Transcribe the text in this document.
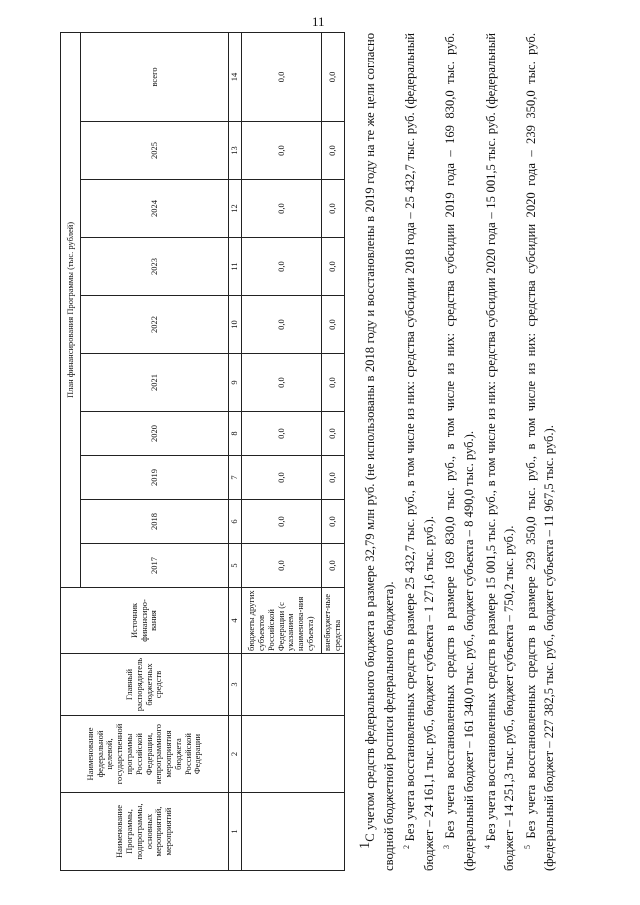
11
Наименование Программы, подпрограммы, основных мероприятий, мероприятий	Наименование федеральной целевой, государственной программы Российской Федерации, непрограммного мероприятия бюджета Российской Федерации	Главный распорядитель бюджетных средств	Источник финансиро-вания	План финансирования Программы (тыс. рублей)									
				2017	2018	2019	2020	2021	2022	2023	2024	2025	всего
1	2	3	4	5	6	7	8	9	10	11	12	13	14
			бюджеты других субъектов Российской Федерации (с указанием наименова-ния субъекта)	0,0	0,0	0,0	0,0	0,0	0,0	0,0	0,0	0,0	0,0
			внебюджет-ные средства	0,0	0,0	0,0	0,0	0,0	0,0	0,0	0,0	0,0	0,0

$^1$С учетом средств федерального бюджета в размере 32,79 млн руб. (не использованы в 2018 году и восстановлены в 2019 году на те же цели согласно сводной бюджетной росписи федерального бюджета). $^2$ Без учета восстановленных средств в размере 25 432,7 тыс. руб., в том числе из них: средства субсидии 2018 года – 25 432,7 тыс. руб. (федеральный бюджет – 24 161,1 тыс. руб., бюджет субъекта – 1 271,6 тыс. руб.). $^3$ Без учета восстановленных средств в размере 169 830,0 тыс. руб., в том числе из них: средства субсидии 2019 года – 169 830,0 тыс. руб. (федеральный бюджет – 161 340,0 тыс. руб., бюджет субъекта – 8 490,0 тыс. руб.). $^4$ Без учета восстановленных средств в размере 15 001,5 тыс. руб., в том числе из них: средства субсидии 2020 года – 15 001,5 тыс. руб. (федеральный бюджет – 14 251,3 тыс. руб., бюджет субъекта – 750,2 тыс. руб.). $^5$ Без учета восстановленных средств в размере 239 350,0 тыс. руб., в том числе из них: средства субсидии 2020 года – 239 350,0 тыс. руб. (федеральный бюджет – 227 382,5 тыс. руб., бюджет субъекта – 11 967,5 тыс. руб.).
